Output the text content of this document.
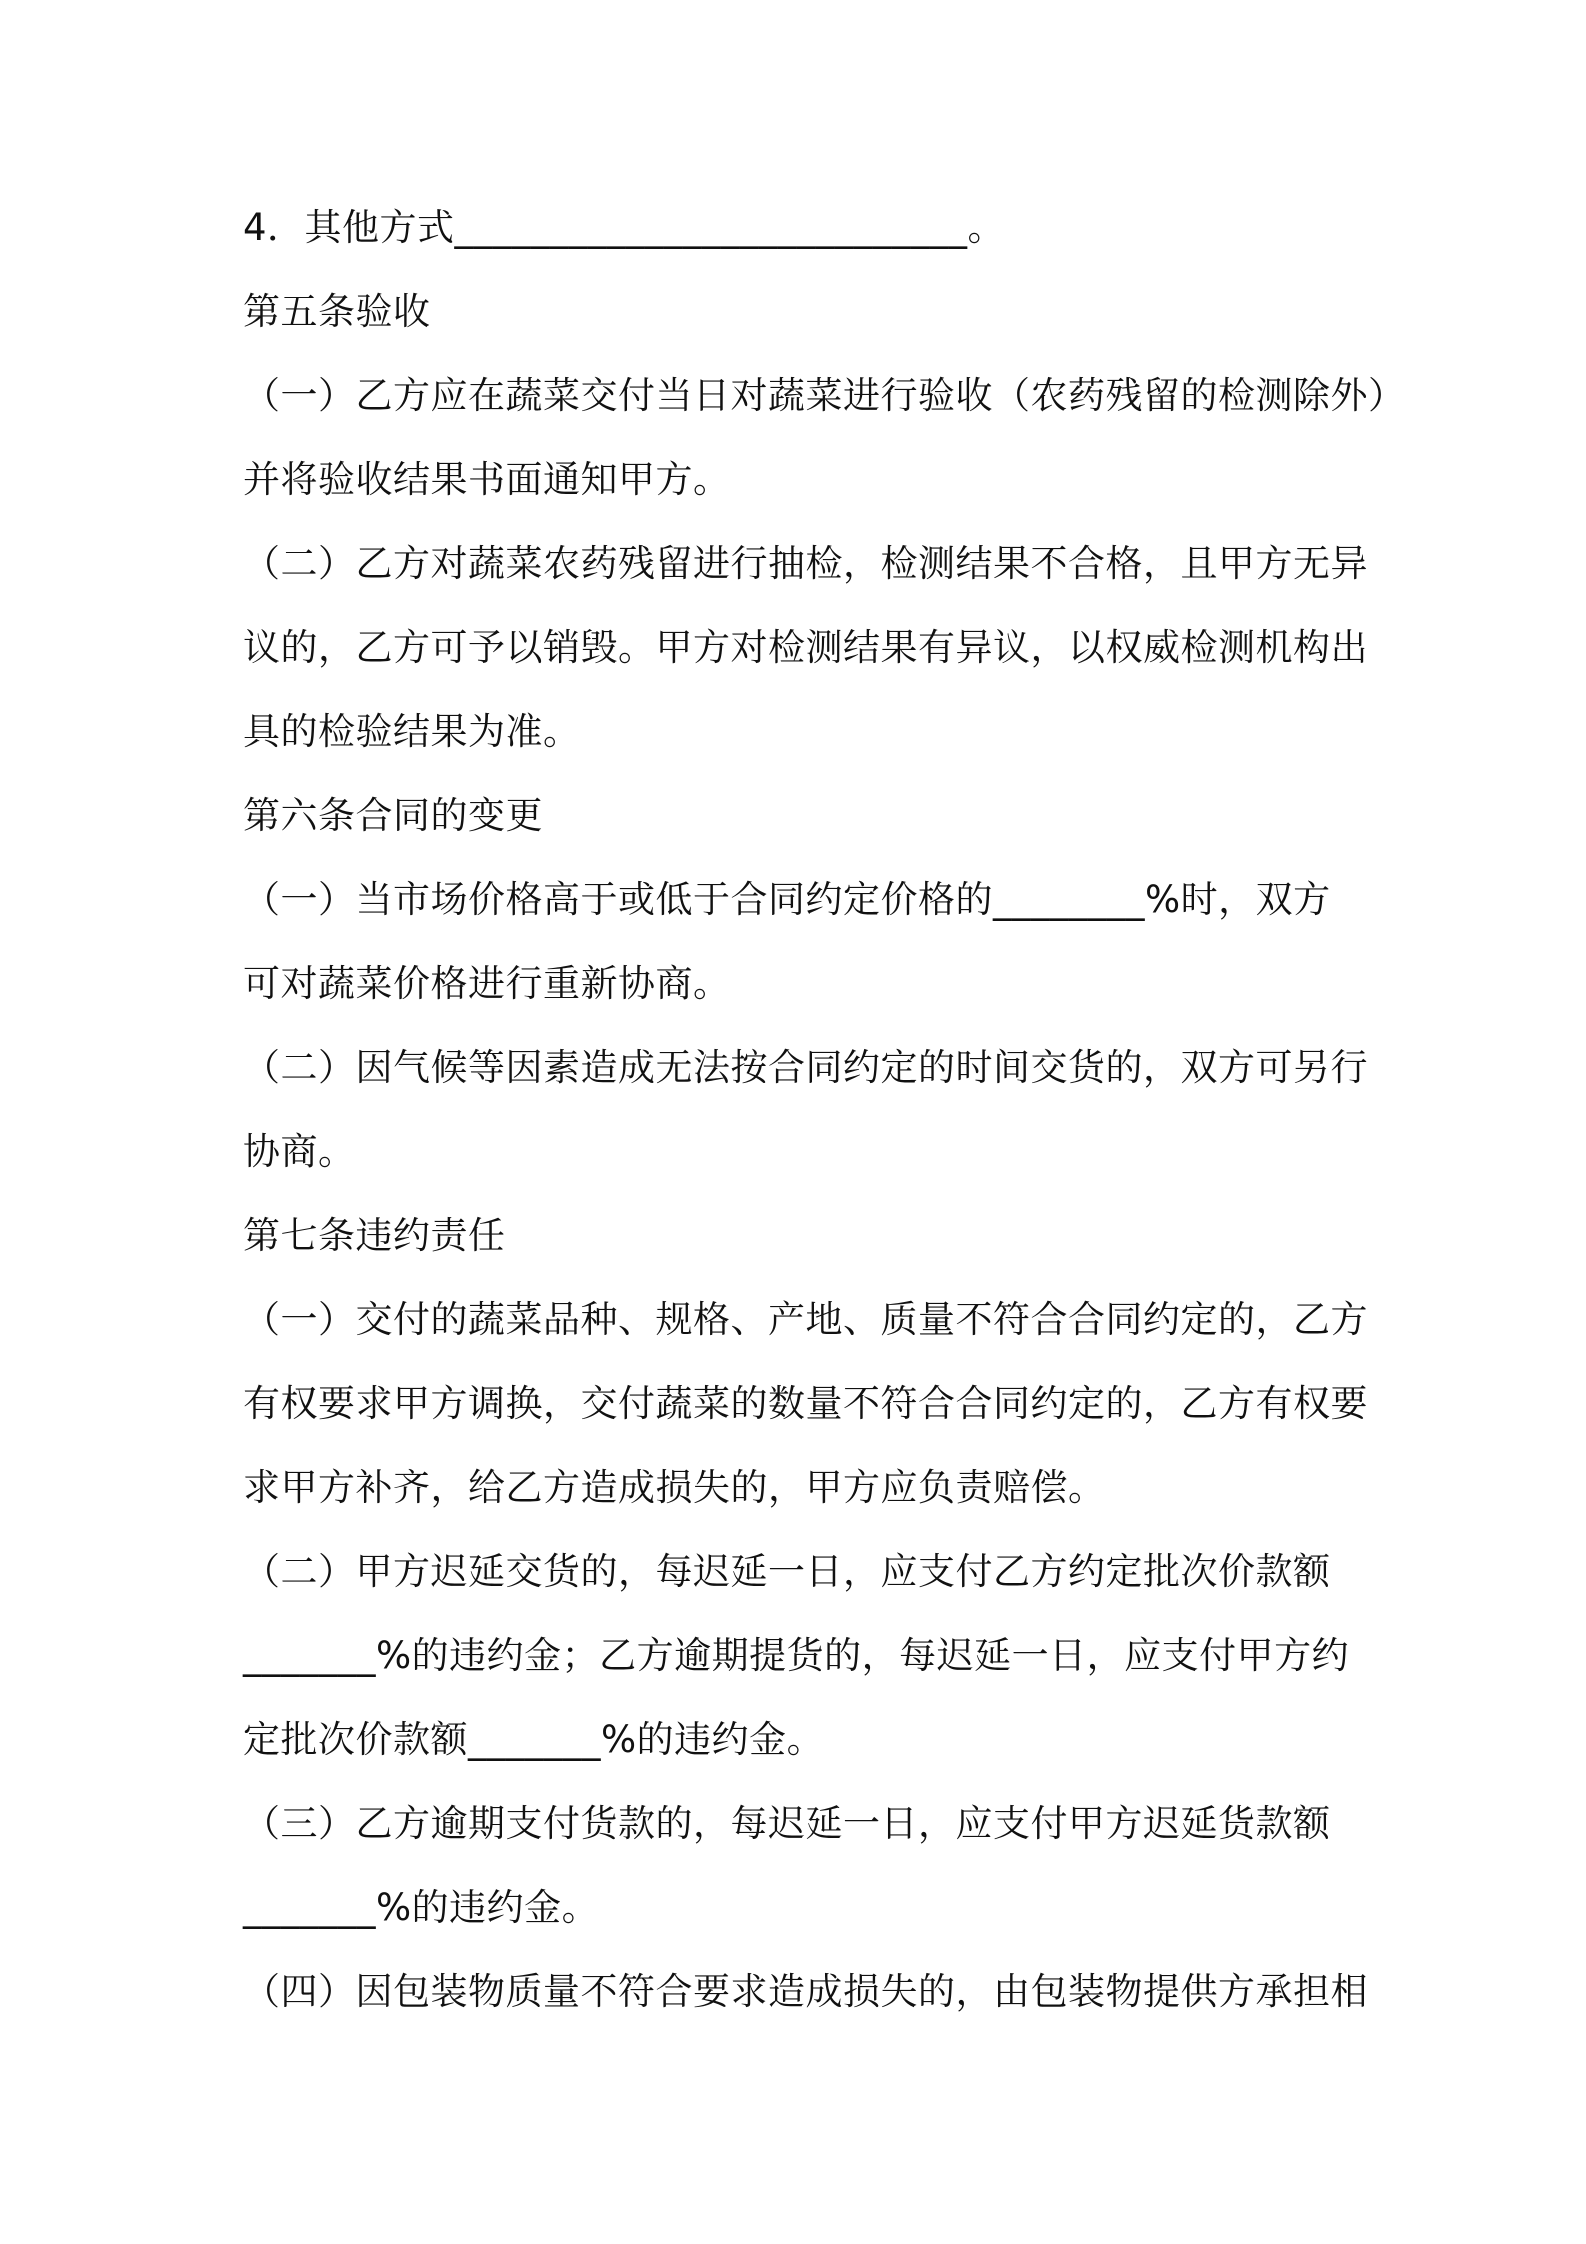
4．其他方式___________________________。
第五条验收
（一）乙方应在蔬菜交付当日对蔬菜进行验收（农药残留的检测除外）
并将验收结果书面通知甲方。
（二）乙方对蔬菜农药残留进行抽检，检测结果不合格，且甲方无异
议的，乙方可予以销毁。甲方对检测结果有异议，以权威检测机构出
具的检验结果为准。
第六条合同的变更
（一）当市场价格高于或低于合同约定价格的________%时，双方
可对蔬菜价格进行重新协商。
（二）因气候等因素造成无法按合同约定的时间交货的，双方可另行
协商。
第七条违约责任
（一）交付的蔬菜品种、规格、产地、质量不符合合同约定的，乙方
有权要求甲方调换，交付蔬菜的数量不符合合同约定的，乙方有权要
求甲方补齐，给乙方造成损失的，甲方应负责赔偿。
（二）甲方迟延交货的，每迟延一日，应支付乙方约定批次价款额
_______%的违约金；乙方逾期提货的，每迟延一日，应支付甲方约
定批次价款额_______%的违约金。
（三）乙方逾期支付货款的，每迟延一日，应支付甲方迟延货款额
_______%的违约金。
（四）因包装物质量不符合要求造成损失的，由包装物提供方承担相
